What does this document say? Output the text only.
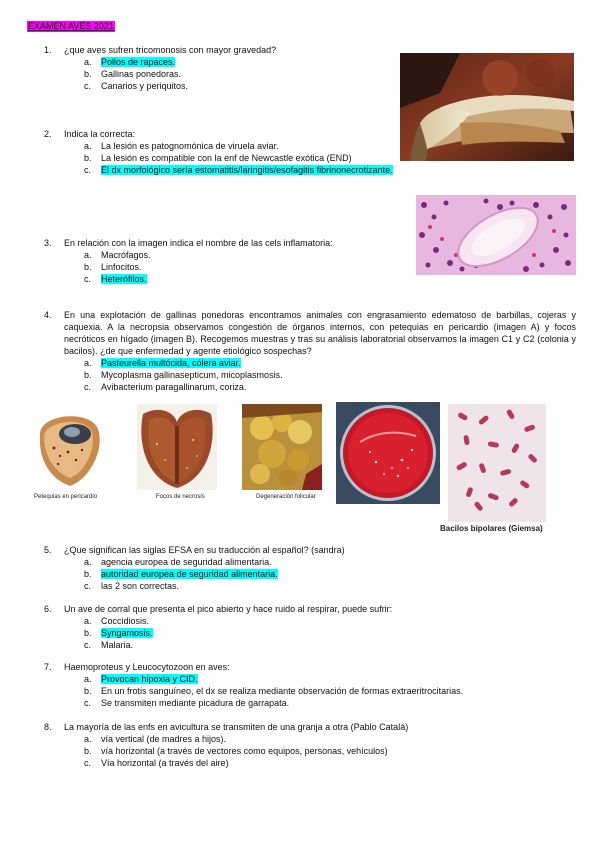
EXAMEN AVES 2021
1. ¿que aves sufren tricomonosis con mayor gravedad?
a. Pollos de rapaces.
b. Gallinas ponedoras.
c. Canarios y periquitos.
2. Indica la correcta:
a. La lesión es patognomónica de viruela aviar.
b. La lesión es compatible con la enf de Newcastle exótica (END)
c. El dx morfológico sería estomatitis/laringitis/esofagitis fibrinonecrotizante.
3. En relación con la imagen indica el nombre de las cels inflamatoria:
a. Macrófagos.
b. Linfocitos.
c. Heterófilos.
4. En una explotación de gallinas ponedoras encontramos animales con engrasamiento edematoso de barbillas, cojeras y caquexia. A la necropsia observamos congestión de órganos internos, con petequias en pericardio (imagen A) y focos necróticos en hígado (imagen B). Recogemos muestras y tras su análisis laboratorial observamos la imagen C1 y C2 (colonia y bacilos). ¿de que enfermedad y agente etiológico sospechas?
a. Pasteurella multócida, cólera aviar.
b. Mycoplasma gallinasepticum, micoplasmosis.
c. Avibacterium paragallinarum, coriza.
Petequias en pericardio	Focos de necrosis	Degeneración folicular
Bacilos bipolares (Giemsa)
5. ¿Que significan las siglas EFSA en su traducción al español? (sandra)
a. agencia europea de seguridad alimentaria.
b. autoridad europea de seguridad alimentaria.
c. las 2 son correctas.
6. Un ave de corral que presenta el pico abierto y hace ruido al respirar, puede sufrir:
a. Coccidiosis.
b. Syngamosis.
c. Malaria.
7. Haemoproteus y Leucocytozoon en aves:
a. Provocan hipoxia y CID.
b. En un frotis sanguíneo, el dx se realiza mediante observación de formas extraeritrocitarias.
c. Se transmiten mediante picadura de garrapata.
8. La mayoría de las enfs en avicultura se transmiten de una granja a otra (Pablo Catalá)
a. vía vertical (de madres a hijos).
b. vía horizontal (a través de vectores como equipos, personas, vehículos)
c. Vía horizontal (a través del aire)
